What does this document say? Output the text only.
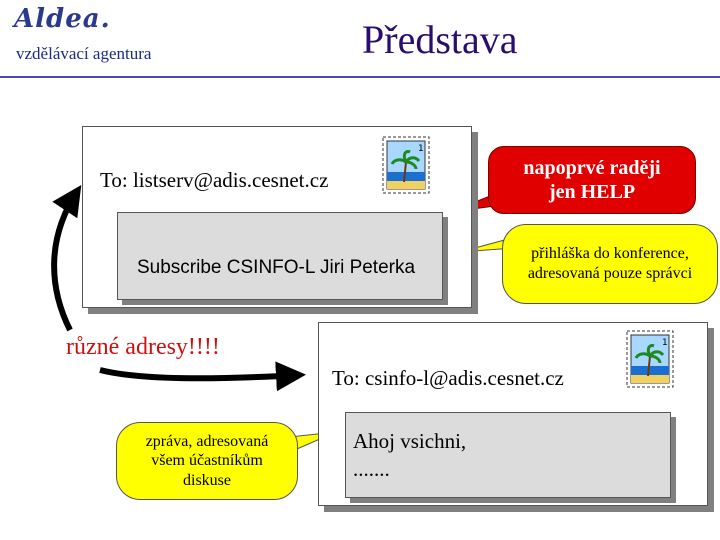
Aldea.
vzdělávací agentura	Představa
To: listserv@adis.cesnet.cz
1
Subscribe CSINFO-L Jiri Peterka
To: csinfo-l@adis.cesnet.cz
1
Ahoj vsichni,
.......
různé adresy!!!!
napoprvé raději
jen HELP
přihláška do konference,
adresovaná pouze správci
zpráva, adresovaná
všem účastníkům
diskuse
